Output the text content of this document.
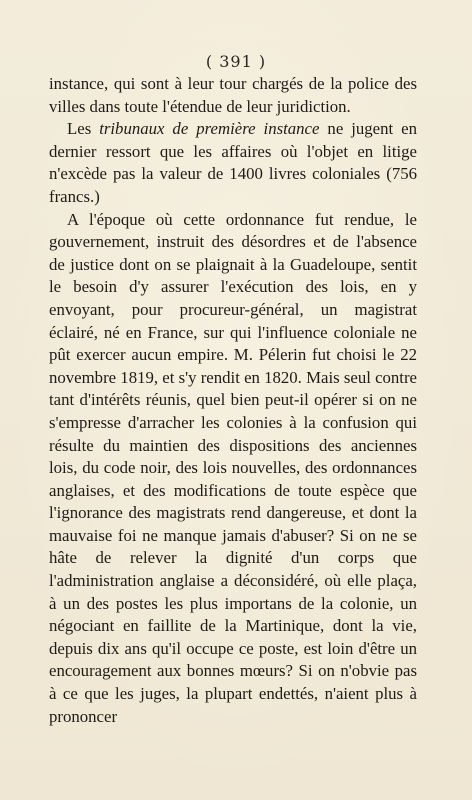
( 391 )

instance, qui sont à leur tour chargés de la police des villes dans toute l'étendue de leur juridiction.

Les tribunaux de première instance ne jugent en dernier ressort que les affaires où l'objet en litige n'excède pas la valeur de 1400 livres coloniales (756 francs.)

A l'époque où cette ordonnance fut rendue, le gouvernement, instruit des désordres et de l'absence de justice dont on se plaignait à la Guadeloupe, sentit le besoin d'y assurer l'exécution des lois, en y envoyant, pour procureur-général, un magistrat éclairé, né en France, sur qui l'influence coloniale ne pût exercer aucun empire. M. Pélerin fut choisi le 22 novembre 1819, et s'y rendit en 1820. Mais seul contre tant d'intérêts réunis, quel bien peut-il opérer si on ne s'empresse d'arracher les colonies à la confusion qui résulte du maintien des dispositions des anciennes lois, du code noir, des lois nouvelles, des ordonnances anglaises, et des modifications de toute espèce que l'ignorance des magistrats rend dangereuse, et dont la mauvaise foi ne manque jamais d'abuser? Si on ne se hâte de relever la dignité d'un corps que l'administration anglaise a déconsidéré, où elle plaça, à un des postes les plus importans de la colonie, un négociant en faillite de la Martinique, dont la vie, depuis dix ans qu'il occupe ce poste, est loin d'être un encouragement aux bonnes mœurs? Si on n'obvie pas à ce que les juges, la plupart endettés, n'aient plus à prononcer
